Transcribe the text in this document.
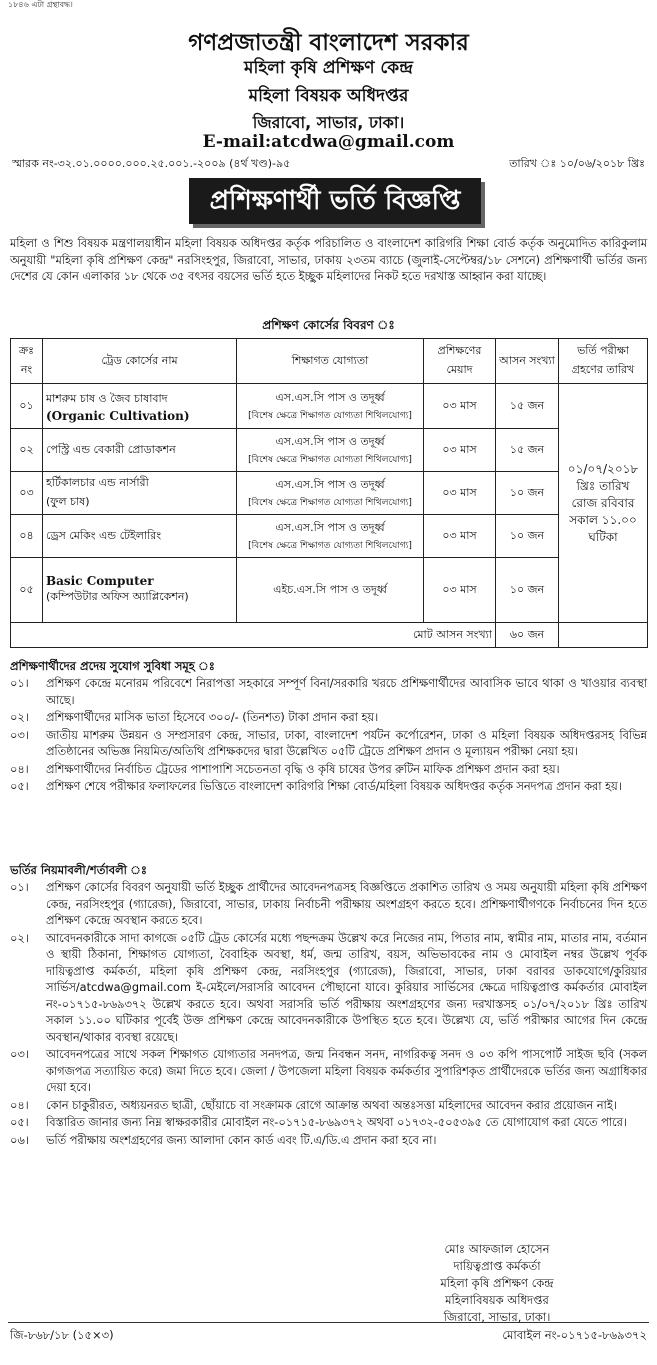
১৮৪৬ এটা গ্রন্থাবদ্ধ।
গণপ্রজাতন্ত্রী বাংলাদেশ সরকার
মহিলা কৃষি প্রশিক্ষণ কেন্দ্র
মহিলা বিষয়ক অধিদপ্তর
জিরাবো, সাভার, ঢাকা।
E-mail:atcdwa@gmail.com
স্মারক নং-৩২.০১.০০০০.০০০.২৫.০০১.-২০০৯ (৪র্থ খণ্ড)-৯৫	তারিখ ঃ ১০/০৬/২০১৮ খ্রিঃ
প্রশিক্ষণার্থী ভর্তি বিজ্ঞপ্তি
মহিলা ও শিশু বিষয়ক মন্ত্রণালয়াধীন মহিলা বিষয়ক অধিদপ্তর কর্তৃক পরিচালিত ও বাংলাদেশ কারিগরি শিক্ষা বোর্ড কর্তৃক অনুমোদিত কারিকুলাম অনুযায়ী "মহিলা কৃষি প্রশিক্ষণ কেন্দ্র" নরসিংহপুর, জিরাবো, সাভার, ঢাকায় ২৩তম ব্যাচে (জুলাই-সেপ্টেম্বর/১৮ সেশনে) প্রশিক্ষণার্থী ভর্তির জন্য দেশের যে কোন এলাকার ১৮ থেকে ৩৫ বৎসর বয়সের ভর্তি হতে ইচ্ছুক মহিলাদের নিকট হতে দরখাস্ত আহ্বান করা যাচ্ছে।
প্রশিক্ষণ কোর্সের বিবরণ ঃ
ক্রঃ নং	ট্রেড কোর্সের নাম	শিক্ষাগত যোগ্যতা	প্রশিক্ষণের মেয়াদ	আসন সংখ্যা	ভর্তি পরীক্ষা গ্রহণের তারিখ
০১	মাশরুম চাষ ও জৈব চাষাবাদ
(Organic Cultivation)	এস.এস.সি পাস ও তদূর্ধ্ব
[বিশেষ ক্ষেত্রে শিক্ষাগত যোগ্যতা শিথিলযোগ্য]	০৩ মাস	১৫ জন	০১/০৭/২০১৮ খ্রিঃ তারিখ রোজ রবিবার সকাল ১১.০০ ঘটিকা
০২	পেস্ট্রি এন্ড বেকারী প্রোডাকশন	এস.এস.সি পাস ও তদূর্ধ্ব
[বিশেষ ক্ষেত্রে শিক্ষাগত যোগ্যতা শিথিলযোগ্য]	০৩ মাস	১৫ জন	
০৩	হর্টিকালচার এন্ড নার্সারী
(ফুল চাষ)	এস.এস.সি পাস ও তদূর্ধ্ব
[বিশেষ ক্ষেত্রে শিক্ষাগত যোগ্যতা শিথিলযোগ্য]	০৩ মাস	১০ জন	
০৪	ড্রেস মেকিং এন্ড টেইলারিং	এস.এস.সি পাস ও তদূর্ধ্ব
[বিশেষ ক্ষেত্রে শিক্ষাগত যোগ্যতা শিথিলযোগ্য]	০৩ মাস	১০ জন	
০৫	Basic Computer
(কম্পিউটার অফিস অ্যাপ্লিকেশন)	এইচ.এস.সি পাস ও তদূর্ধ্ব	০৩ মাস	১০ জন	
মোট আসন সংখ্যা				৬০ জন	
প্রশিক্ষণার্থীদের প্রদেয় সুযোগ সুবিধা সমূহ ঃ
০১।	প্রশিক্ষণ কেন্দ্রে মনোরম পরিবেশে নিরাপত্তা সহকারে সম্পূর্ণ বিনা/সরকারি খরচে প্রশিক্ষণার্থীদের আবাসিক ভাবে থাকা ও খাওয়ার ব্যবস্থা আছে।
০২।	প্রশিক্ষণার্থীদের মাসিক ভাতা হিসেবে ৩০০/- (তিনশত) টাকা প্রদান করা হয়।
০৩।	জাতীয় মাশরুম উন্নয়ন ও সম্প্রসারণ কেন্দ্র, সাভার, ঢাকা, বাংলাদেশ পর্যটন কর্পোরেশন, ঢাকা ও মহিলা বিষয়ক অধিদপ্তরসহ বিভিন্ন প্রতিষ্ঠানের অভিজ্ঞ নিয়মিত/অতিথি প্রশিক্ষকদের দ্বারা উল্লেখিত ০৫টি ট্রেডে প্রশিক্ষণ প্রদান ও মূল্যায়ন পরীক্ষা নেয়া হয়।
০৪।	প্রশিক্ষণার্থীদের নির্বাচিত ট্রেডের পাশাপাশি সচেতনতা বৃদ্ধি ও কৃষি চাষের উপর রুটিন মাফিক প্রশিক্ষণ প্রদান করা হয়।
০৫।	প্রশিক্ষণ শেষে পরীক্ষার ফলাফলের ভিত্তিতে বাংলাদেশ কারিগরি শিক্ষা বোর্ড/মহিলা বিষয়ক অধিদপ্তর কর্তৃক সনদপত্র প্রদান করা হয়।
ভর্তির নিয়মাবলী/শর্তাবলী ঃ
০১।	প্রশিক্ষণ কোর্সের বিবরণ অনুযায়ী ভর্তি ইচ্ছুক প্রার্থীদের আবেদনপত্রসহ বিজ্ঞপ্তিতে প্রকাশিত তারিখ ও সময় অনুযায়ী মহিলা কৃষি প্রশিক্ষণ কেন্দ্র, নরসিংহপুর (গ্যারেজ), জিরাবো, সাভার, ঢাকায় নির্বাচনী পরীক্ষায় অংশগ্রহণ করতে হবে। প্রশিক্ষণার্থীগণকে নির্বাচনের দিন হতে প্রশিক্ষণ কেন্দ্রে অবস্থান করতে হবে।
০২।	আবেদনকারীকে সাদা কাগজে ০৫টি ট্রেড কোর্সের মধ্যে পছন্দক্রম উল্লেখ করে নিজের নাম, পিতার নাম, স্বামীর নাম, মাতার নাম, বর্তমান ও স্থায়ী ঠিকানা, শিক্ষাগত যোগ্যতা, বৈবাহিক অবস্থা, ধর্ম, জন্ম তারিখ, বয়স, অভিভাবকের নাম ও মোবাইল নম্বর উল্লেখ পূর্বক দায়িত্বপ্রাপ্ত কর্মকর্তা, মহিলা কৃষি প্রশিক্ষণ কেন্দ্র, নরসিংহপুর (গ্যারেজ), জিরাবো, সাভার, ঢাকা বরাবর ডাকযোগে/কুরিয়ার সার্ভিস/atcdwa@gmail.com ই-মেইলে/সরাসরি আবেদন পৌছানো যাবে। কুরিয়ার সার্ভিসের ক্ষেত্রে দায়িত্বপ্রাপ্ত কর্মকর্তার মোবাইল নং-০১৭১৫-৮৬৯৩৭২ উল্লেখ করতে হবে। অথবা সরাসরি ভর্তি পরীক্ষায় অংশগ্রহণের জন্য দরখাস্তসহ ০১/০৭/২০১৮ খ্রিঃ তারিখ সকাল ১১.০০ ঘটিকার পূর্বেই উক্ত প্রশিক্ষণ কেন্দ্রে আবেদনকারীকে উপস্থিত হতে হবে। উল্লেখ্য যে, ভর্তি পরীক্ষার আগের দিন কেন্দ্রে অবস্থান/থাকার ব্যবস্থা রয়েছে।
০৩।	আবেদনপত্রের সাথে সকল শিক্ষাগত যোগ্যতার সনদপত্র, জন্ম নিবন্ধন সনদ, নাগরিকত্ব সনদ ও ০৩ কপি পাসপোর্ট সাইজ ছবি (সকল কাগজপত্র সত্যায়িত করে) জমা দিতে হবে। জেলা / উপজেলা মহিলা বিষয়ক কর্মকর্তার সুপারিশকৃত প্রার্থীদেরকে ভর্তির জন্য অগ্রাধিকার দেয়া হবে।
০৪।	কোন চাকুরীরত, অধ্যয়নরত ছাত্রী, ছোঁয়াচে বা সংক্রামক রোগে আক্রান্ত অথবা অন্তঃসত্তা মহিলাদের আবেদন করার প্রয়োজন নাই।
০৫।	বিস্তারিত জানার জন্য নিম্ন স্বাক্ষরকারীর মোবাইল নং-০১৭১৫-৮৬৯৩৭২ অথবা ০১৭৩২-৫০৫৩৯৫ তে যোগাযোগ করা যেতে পারে।
০৬।	ভর্তি পরীক্ষায় অংশগ্রহণের জন্য আলাদা কোন কার্ড এবং টি.এ/ডি.এ প্রদান করা হবে না।
মোঃ আফজাল হোসেন
দায়িত্বপ্রাপ্ত কর্মকর্তা
মহিলা কৃষি প্রশিক্ষণ কেন্দ্র
মহিলাবিষয়ক অধিদপ্তর
জিরাবো, সাভার, ঢাকা।
জি-৮৬৮/১৮ (১৫×৩)	মোবাইল নং-০১৭১৫-৮৬৯৩৭২
